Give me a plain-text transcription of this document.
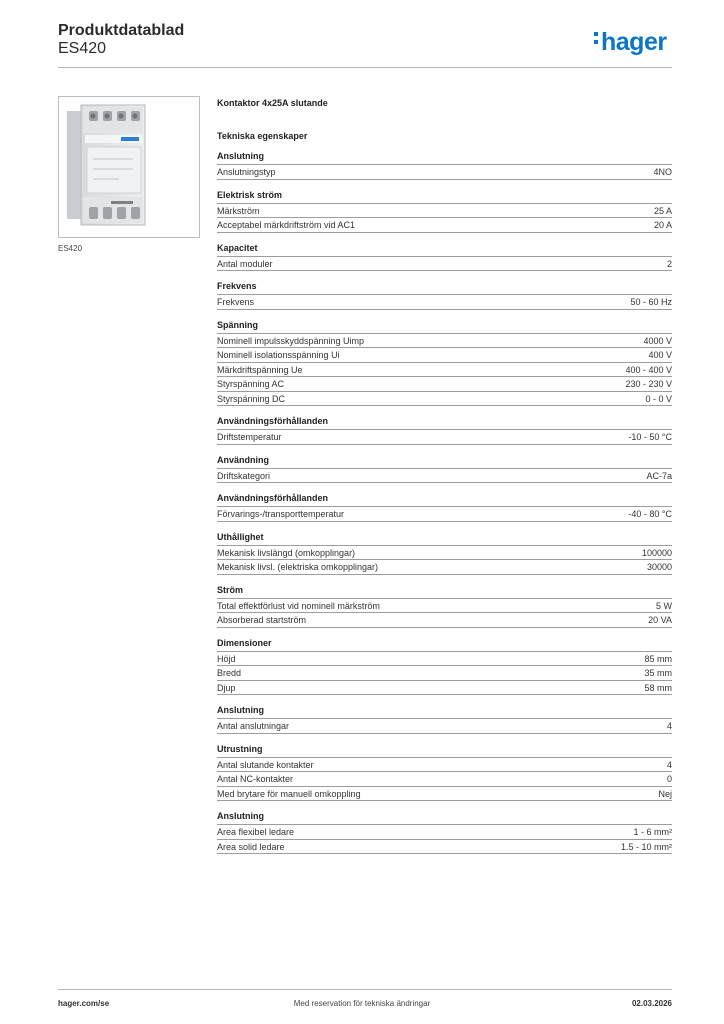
Produktdatablad
ES420	hager
ES420
Kontaktor 4x25A slutande
Tekniska egenskaper
Anslutning
Anslutningstyp	4NO
Elektrisk ström
Märkström	25 A
Acceptabel märkdriftström vid AC1	20 A
Kapacitet
Antal moduler	2
Frekvens
Frekvens	50 - 60 Hz
Spänning
Nominell impulsskyddspänning Uimp	4000 V
Nominell isolationsspänning Ui	400 V
Märkdriftspänning Ue	400 - 400 V
Styrspänning AC	230 - 230 V
Styrspänning DC	0 - 0 V
Användningsförhållanden
Driftstemperatur	-10 - 50 °C
Användning
Driftskategori	AC-7a
Användningsförhållanden
Förvarings-/transporttemperatur	-40 - 80 °C
Uthållighet
Mekanisk livslängd (omkopplingar)	100000
Mekanisk livsl. (elektriska omkopplingar)	30000
Ström
Total effektförlust vid nominell märkström	5 W
Absorberad startström	20 VA
Dimensioner
Höjd	85 mm
Bredd	35 mm
Djup	58 mm
Anslutning
Antal anslutningar	4
Utrustning
Antal slutande kontakter	4
Antal NC-kontakter	0
Med brytare för manuell omkoppling	Nej
Anslutning
Area flexibel ledare	1 - 6 mm²
Area solid ledare	1.5 - 10 mm²
hager.com/se	Med reservation för tekniska ändringar	02.03.2026
